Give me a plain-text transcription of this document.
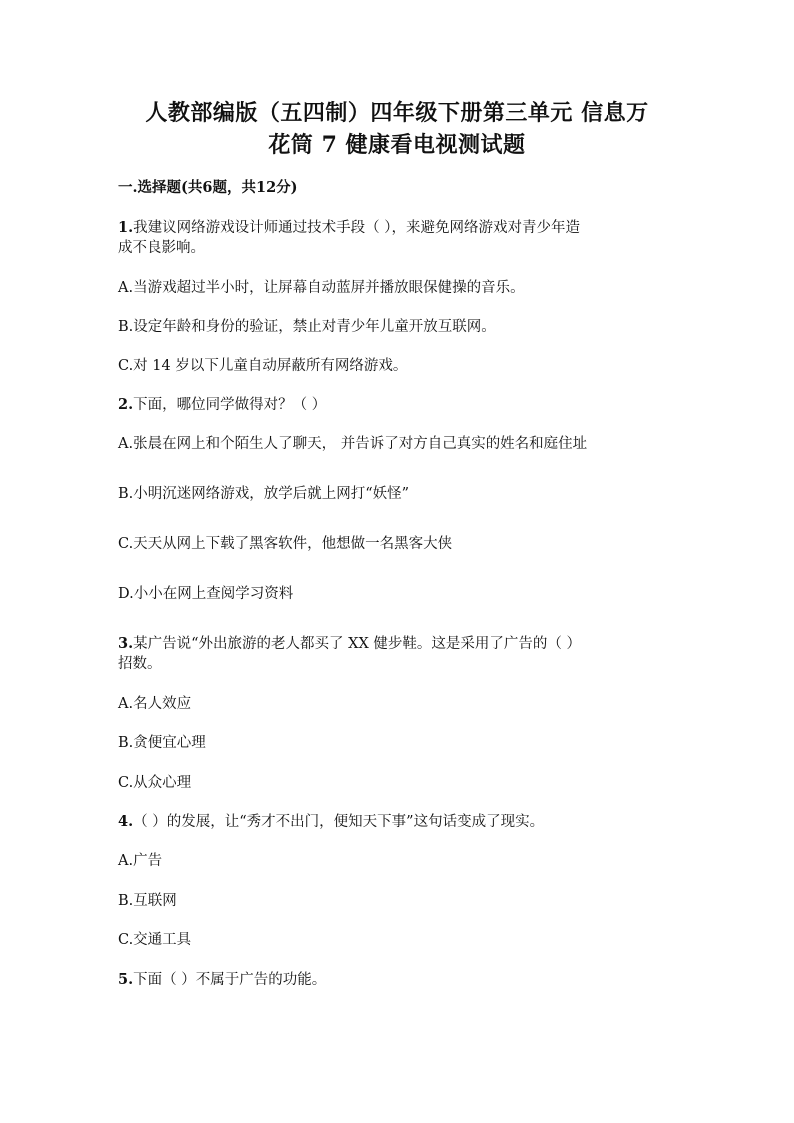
人教部编版（五四制）四年级下册第三单元 信息万
花筒 7 健康看电视测试题
一.选择题(共6题，共12分)
1.我建议网络游戏设计师通过技术手段（ ），来避免网络游戏对青少年造
成不良影响。
A.当游戏超过半小时，让屏幕自动蓝屏并播放眼保健操的音乐。
B.设定年龄和身份的验证，禁止对青少年儿童开放互联网。
C.对 14 岁以下儿童自动屏蔽所有网络游戏。
2.下面，哪位同学做得对？（ ）
A.张晨在网上和个陌生人了聊天， 并告诉了对方自己真实的姓名和庭住址
B.小明沉迷网络游戏，放学后就上网打“妖怪”
C.天天从网上下载了黑客软件，他想做一名黑客大侠
D.小小在网上查阅学习资料
3.某广告说“外出旅游的老人都买了 XX 健步鞋。这是采用了广告的（ ）
招数。
A.名人效应
B.贪便宜心理
C.从众心理
4.（ ）的发展，让“秀才不出门，便知天下事”这句话变成了现实。
A.广告
B.互联网
C.交通工具
5.下面（ ）不属于广告的功能。
